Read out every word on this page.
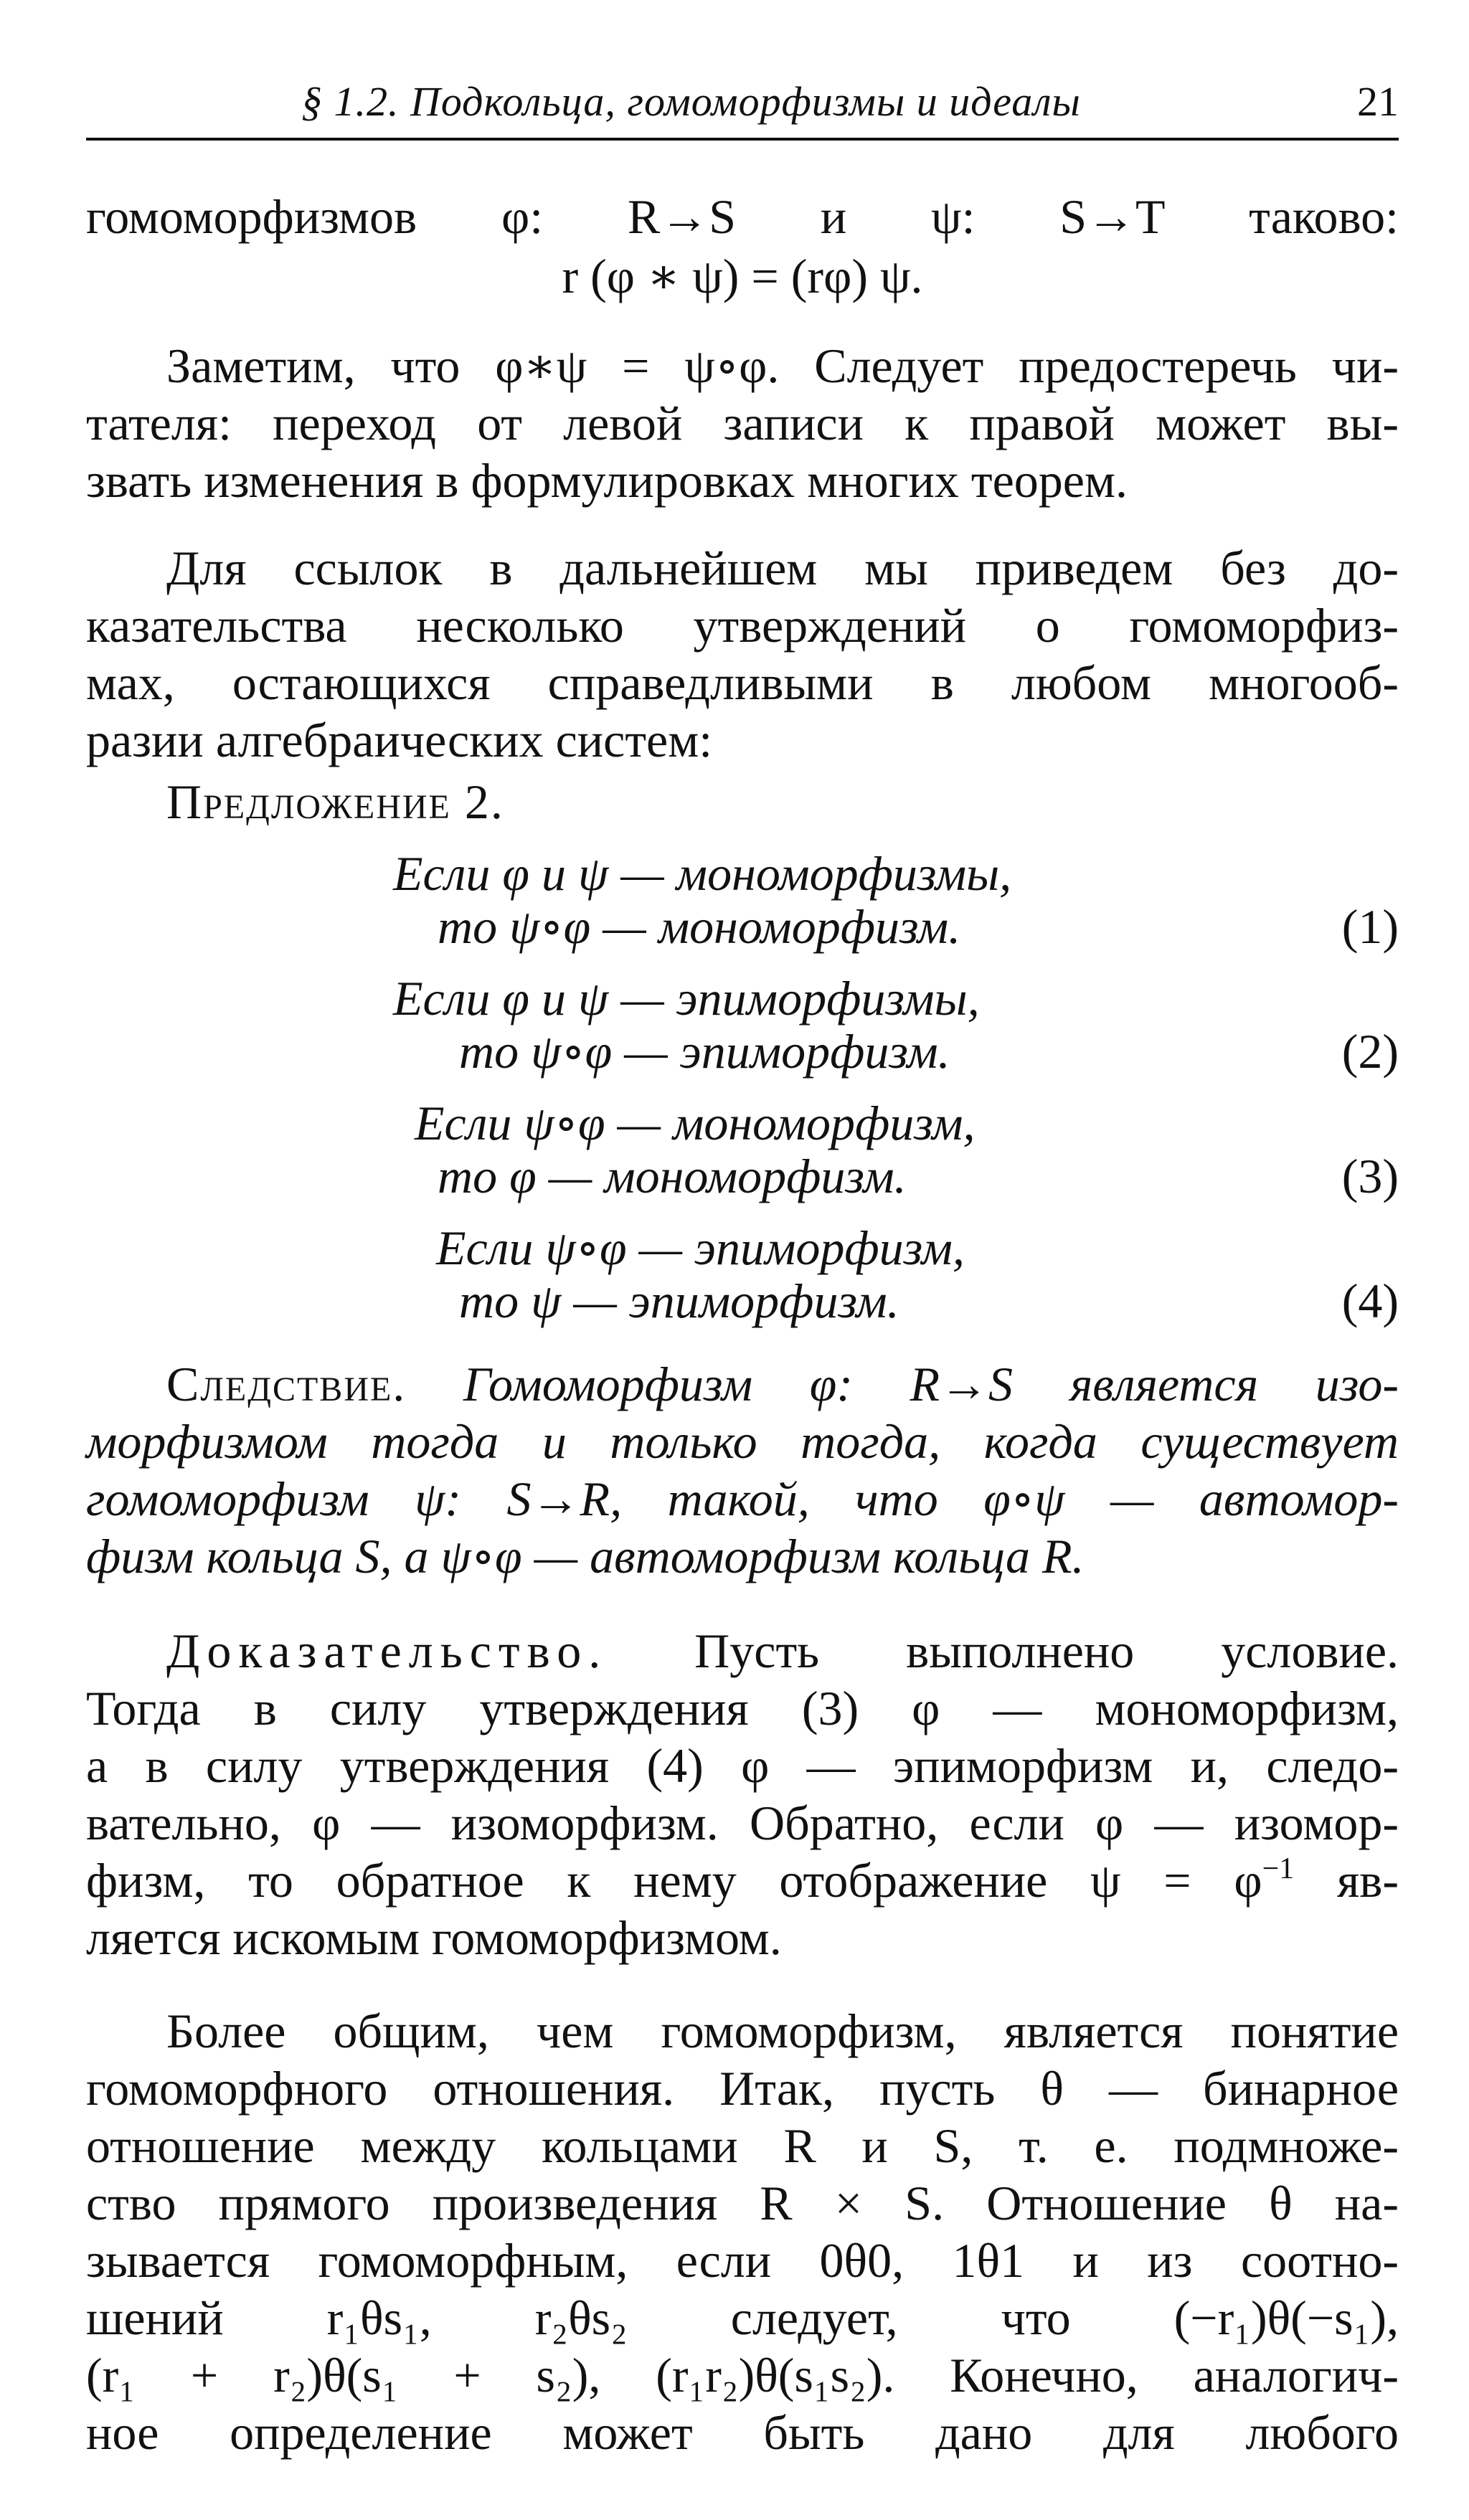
§ 1.2. Подкольца, гомоморфизмы и идеалы	21
гомоморфизмов φ: R→S и ψ: S→T таково:
r (φ ∗ ψ) = (rφ) ψ.
Заметим, что φ∗ψ = ψ∘φ. Следует предостеречь чи-
тателя: переход от левой записи к правой может вы-
звать изменения в формулировках многих теорем.
Для ссылок в дальнейшем мы приведем без до-
казательства несколько утверждений о гомоморфиз-
мах, остающихся справедливыми в любом многооб-
разии алгебраических систем:
Предложение 2.
Если φ и ψ — мономорфизмы,
то ψ∘φ — мономорфизм.	(1)
Если φ и ψ — эпиморфизмы,
то ψ∘φ — эпиморфизм.	(2)
Если ψ∘φ — мономорфизм,
то φ — мономорфизм.	(3)
Если ψ∘φ — эпиморфизм,
то ψ — эпиморфизм.	(4)
Следствие. Гомоморфизм φ: R→S является изо-
морфизмом тогда и только тогда, когда существует
гомоморфизм ψ: S→R, такой, что φ∘ψ — автомор-
физм кольца S, а ψ∘φ — автоморфизм кольца R.
Доказательство. Пусть выполнено условие.
Тогда в силу утверждения (3) φ — мономорфизм,
а в силу утверждения (4) φ — эпиморфизм и, следо-
вательно, φ — изоморфизм. Обратно, если φ — изомор-
физм, то обратное к нему отображение $\psi = \varphi^{-1}$ яв-
ляется искомым гомоморфизмом.
Более общим, чем гомоморфизм, является понятие
гомоморфного отношения. Итак, пусть θ — бинарное
отношение между кольцами R и S, т. е. подмноже-
ство прямого произведения R × S. Отношение θ на-
зывается гомоморфным, если 0θ0, 1θ1 и из соотно-
шений r₁θs₁, r₂θs₂ следует, что (−r₁)θ(−s₁),
(r₁ + r₂)θ(s₁ + s₂), (r₁r₂)θ(s₁s₂). Конечно, аналогич-
ное определение может быть дано для любого
